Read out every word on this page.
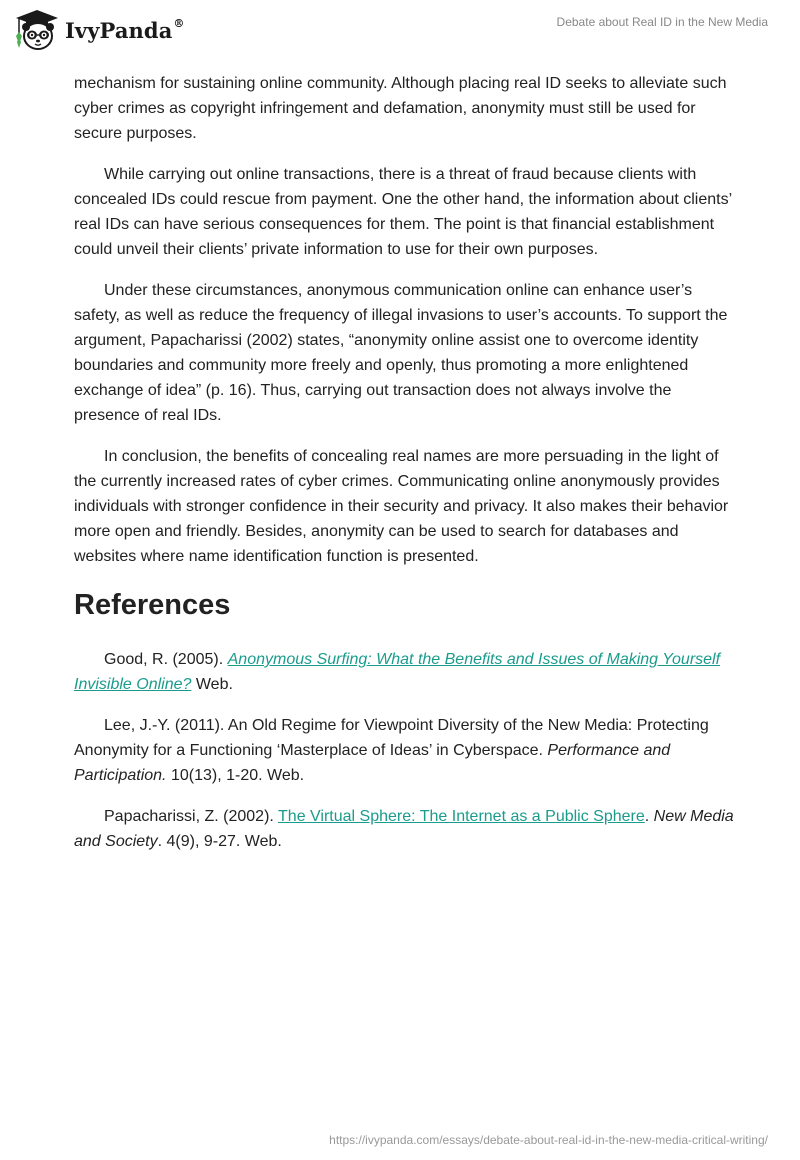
IvyPanda®	Debate about Real ID in the New Media

mechanism for sustaining online community. Although placing real ID seeks to alleviate such cyber crimes as copyright infringement and defamation, anonymity must still be used for secure purposes.

While carrying out online transactions, there is a threat of fraud because clients with concealed IDs could rescue from payment. One the other hand, the information about clients’ real IDs can have serious consequences for them. The point is that financial establishment could unveil their clients’ private information to use for their own purposes.

Under these circumstances, anonymous communication online can enhance user’s safety, as well as reduce the frequency of illegal invasions to user’s accounts. To support the argument, Papacharissi (2002) states, “anonymity online assist one to overcome identity boundaries and community more freely and openly, thus promoting a more enlightened exchange of idea” (p. 16). Thus, carrying out transaction does not always involve the presence of real IDs.

In conclusion, the benefits of concealing real names are more persuading in the light of the currently increased rates of cyber crimes. Communicating online anonymously provides individuals with stronger confidence in their security and privacy. It also makes their behavior more open and friendly. Besides, anonymity can be used to search for databases and websites where name identification function is presented.

References

Good, R. (2005). Anonymous Surfing: What the Benefits and Issues of Making Yourself Invisible Online? Web.

Lee, J.-Y. (2011). An Old Regime for Viewpoint Diversity of the New Media: Protecting Anonymity for a Functioning ‘Masterplace of Ideas’ in Cyberspace. Performance and Participation. 10(13), 1-20. Web.

Papacharissi, Z. (2002). The Virtual Sphere: The Internet as a Public Sphere. New Media and Society. 4(9), 9-27. Web.

https://ivypanda.com/essays/debate-about-real-id-in-the-new-media-critical-writing/
